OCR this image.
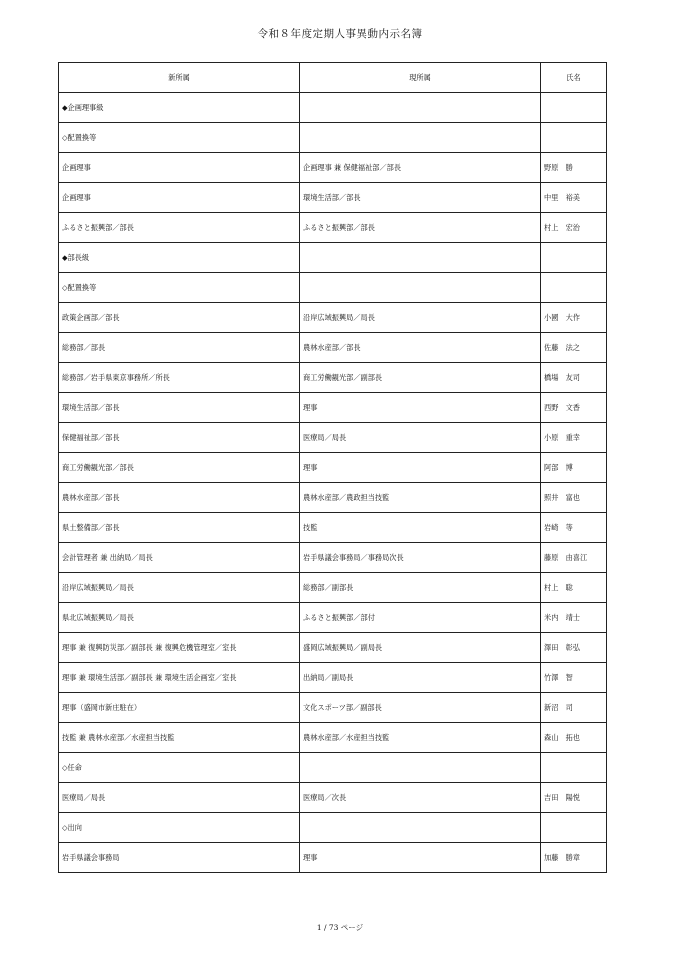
令和８年度定期人事異動内示名簿
新所属	現所属	氏名
◆企画理事級		
◇配置換等		
企画理事	企画理事 兼 保健福祉部／部長	野原　勝
企画理事	環境生活部／部長	中里　裕美
ふるさと振興部／部長	ふるさと振興部／部長	村上　宏治
◆部長級		
◇配置換等		
政策企画部／部長	沿岸広域振興局／局長	小國　大作
総務部／部長	農林水産部／部長	佐藤　法之
総務部／岩手県東京事務所／所長	商工労働観光部／副部長	橋場　友司
環境生活部／部長	理事	西野　文香
保健福祉部／部長	医療局／局長	小原　重幸
商工労働観光部／部長	理事	阿部　博
農林水産部／部長	農林水産部／農政担当技監	照井　富也
県土整備部／部長	技監	岩崎　等
会計管理者 兼 出納局／局長	岩手県議会事務局／事務局次長	藤原　由喜江
沿岸広域振興局／局長	総務部／副部長	村上　聡
県北広域振興局／局長	ふるさと振興部／部付	米内　靖士
理事 兼 復興防災部／副部長 兼 復興危機管理室／室長	盛岡広域振興局／副局長	澤田　彰弘
理事 兼 環境生活部／副部長 兼 環境生活企画室／室長	出納局／副局長	竹澤　智
理事（盛岡市新庄駐在）	文化スポーツ部／副部長	新沼　司
技監 兼 農林水産部／水産担当技監	農林水産部／水産担当技監	森山　拓也
◇任命		
医療局／局長	医療局／次長	吉田　陽悦
◇出向		
岩手県議会事務局	理事	加藤　勝章
1 / 73 ページ
